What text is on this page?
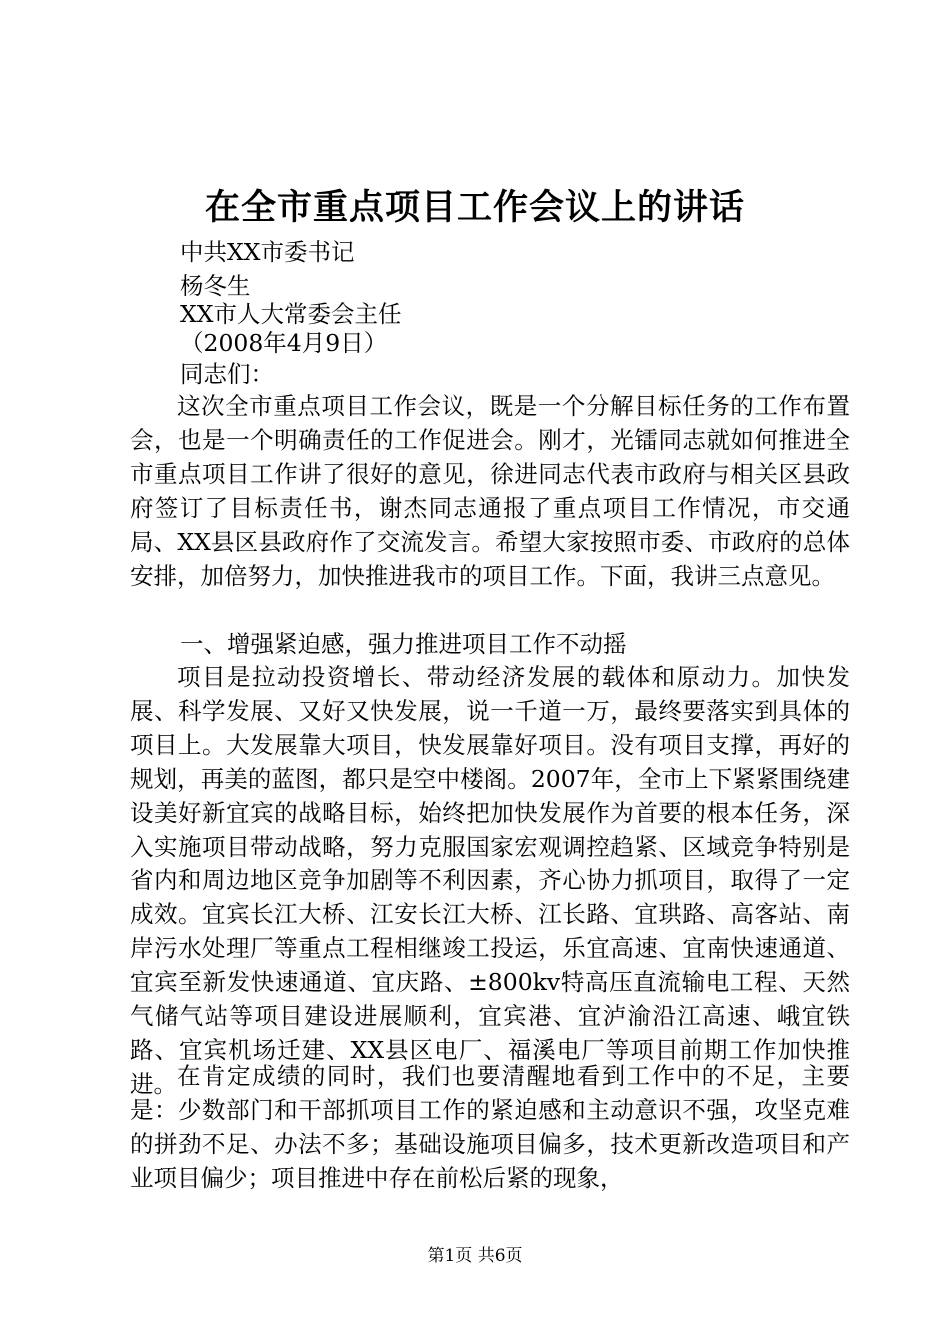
在全市重点项目工作会议上的讲话
中共XX市委书记
杨冬生
XX市人大常委会主任
（2008年4月9日）
同志们：
这次全市重点项目工作会议，既是一个分解目标任务的工作布置会，也是一个明确责任的工作促进会。刚才，光镭同志就如何推进全市重点项目工作讲了很好的意见，徐进同志代表市政府与相关区县政府签订了目标责任书，谢杰同志通报了重点项目工作情况，市交通局、XX县区县政府作了交流发言。希望大家按照市委、市政府的总体安排，加倍努力，加快推进我市的项目工作。下面，我讲三点意见。
一、增强紧迫感，强力推进项目工作不动摇
项目是拉动投资增长、带动经济发展的载体和原动力。加快发展、科学发展、又好又快发展，说一千道一万，最终要落实到具体的项目上。大发展靠大项目，快发展靠好项目。没有项目支撑，再好的规划，再美的蓝图，都只是空中楼阁。2007年，全市上下紧紧围绕建设美好新宜宾的战略目标，始终把加快发展作为首要的根本任务，深入实施项目带动战略，努力克服国家宏观调控趋紧、区域竞争特别是省内和周边地区竞争加剧等不利因素，齐心协力抓项目，取得了一定成效。宜宾长江大桥、江安长江大桥、江长路、宜珙路、高客站、南岸污水处理厂等重点工程相继竣工投运，乐宜高速、宜南快速通道、宜宾至新发快速通道、宜庆路、±800kv特高压直流输电工程、天然气储气站等项目建设进展顺利，宜宾港、宜泸渝沿江高速、峨宜铁路、宜宾机场迁建、XX县区电厂、福溪电厂等项目前期工作加快推进。 在肯定成绩的同时，我们也要清醒地看到工作中的不足，主要是：少数部门和干部抓项目工作的紧迫感和主动意识不强，攻坚克难的拼劲不足、办法不多；基础设施项目偏多，技术更新改造项目和产业项目偏少；项目推进中存在前松后紧的现象，
第1页 共6页
